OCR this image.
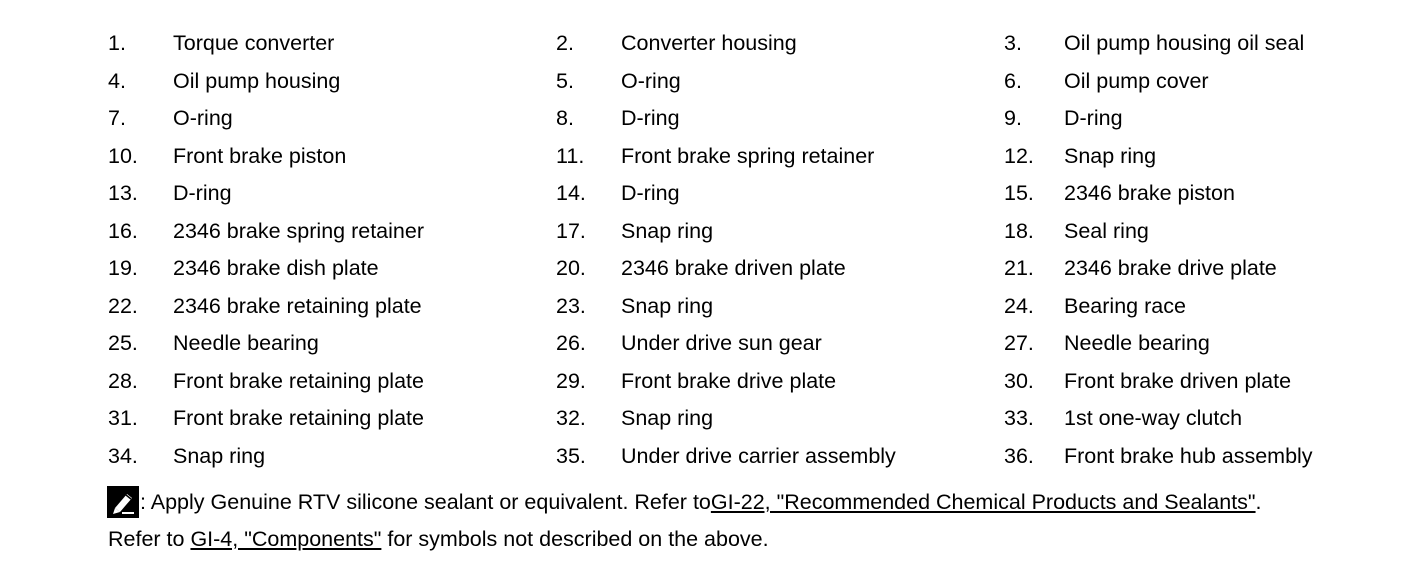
1. Torque converter	2. Converter housing	3. Oil pump housing oil seal
4. Oil pump housing	5. O-ring	6. Oil pump cover
7. O-ring	8. D-ring	9. D-ring
10. Front brake piston	11. Front brake spring retainer	12. Snap ring
13. D-ring	14. D-ring	15. 2346 brake piston
16. 2346 brake spring retainer	17. Snap ring	18. Seal ring
19. 2346 brake dish plate	20. 2346 brake driven plate	21. 2346 brake drive plate
22. 2346 brake retaining plate	23. Snap ring	24. Bearing race
25. Needle bearing	26. Under drive sun gear	27. Needle bearing
28. Front brake retaining plate	29. Front brake drive plate	30. Front brake driven plate
31. Front brake retaining plate	32. Snap ring	33. 1st one-way clutch
34. Snap ring	35. Under drive carrier assembly	36. Front brake hub assembly
: Apply Genuine RTV silicone sealant or equivalent. Refer to GI-22, "Recommended Chemical Products and Sealants" .
Refer to GI-4, "Components" for symbols not described on the above.
